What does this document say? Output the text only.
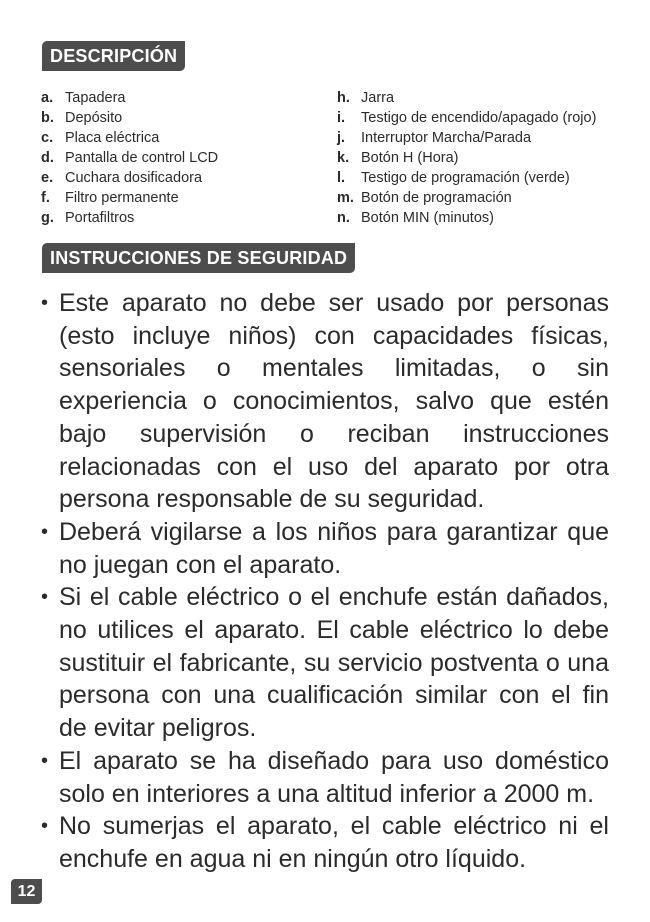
DESCRIPCIÓN
a. Tapadera
b. Depósito
c. Placa eléctrica
d. Pantalla de control LCD
e. Cuchara dosificadora
f.	Filtro permanente
g. Portafiltros
h. Jarra
i.	Testigo de encendido/apagado (rojo)
j.	Interruptor Marcha/Parada
k. Botón H (Hora)
l.	Testigo de programación (verde)
m. Botón de programación
n. Botón MIN (minutos)
INSTRUCCIONES DE SEGURIDAD
• Este aparato no debe ser usado por personas (esto incluye niños) con capacidades físicas, sensoriales o mentales limitadas, o sin experiencia o conocimientos, salvo que estén bajo supervisión o reciban instrucciones relacionadas con el uso del aparato por otra persona responsable de su seguridad.
• Deberá vigilarse a los niños para garantizar que no juegan con el aparato.
• Si el cable eléctrico o el enchufe están dañados, no utilices el aparato. El cable eléctrico lo debe sustituir el fabricante, su servicio postventa o una persona con una cualificación similar con el fin de evitar peligros.
• El aparato se ha diseñado para uso doméstico solo en interiores a una altitud inferior a 2000 m.
• No sumerjas el aparato, el cable eléctrico ni el enchufe en agua ni en ningún otro líquido.
12
